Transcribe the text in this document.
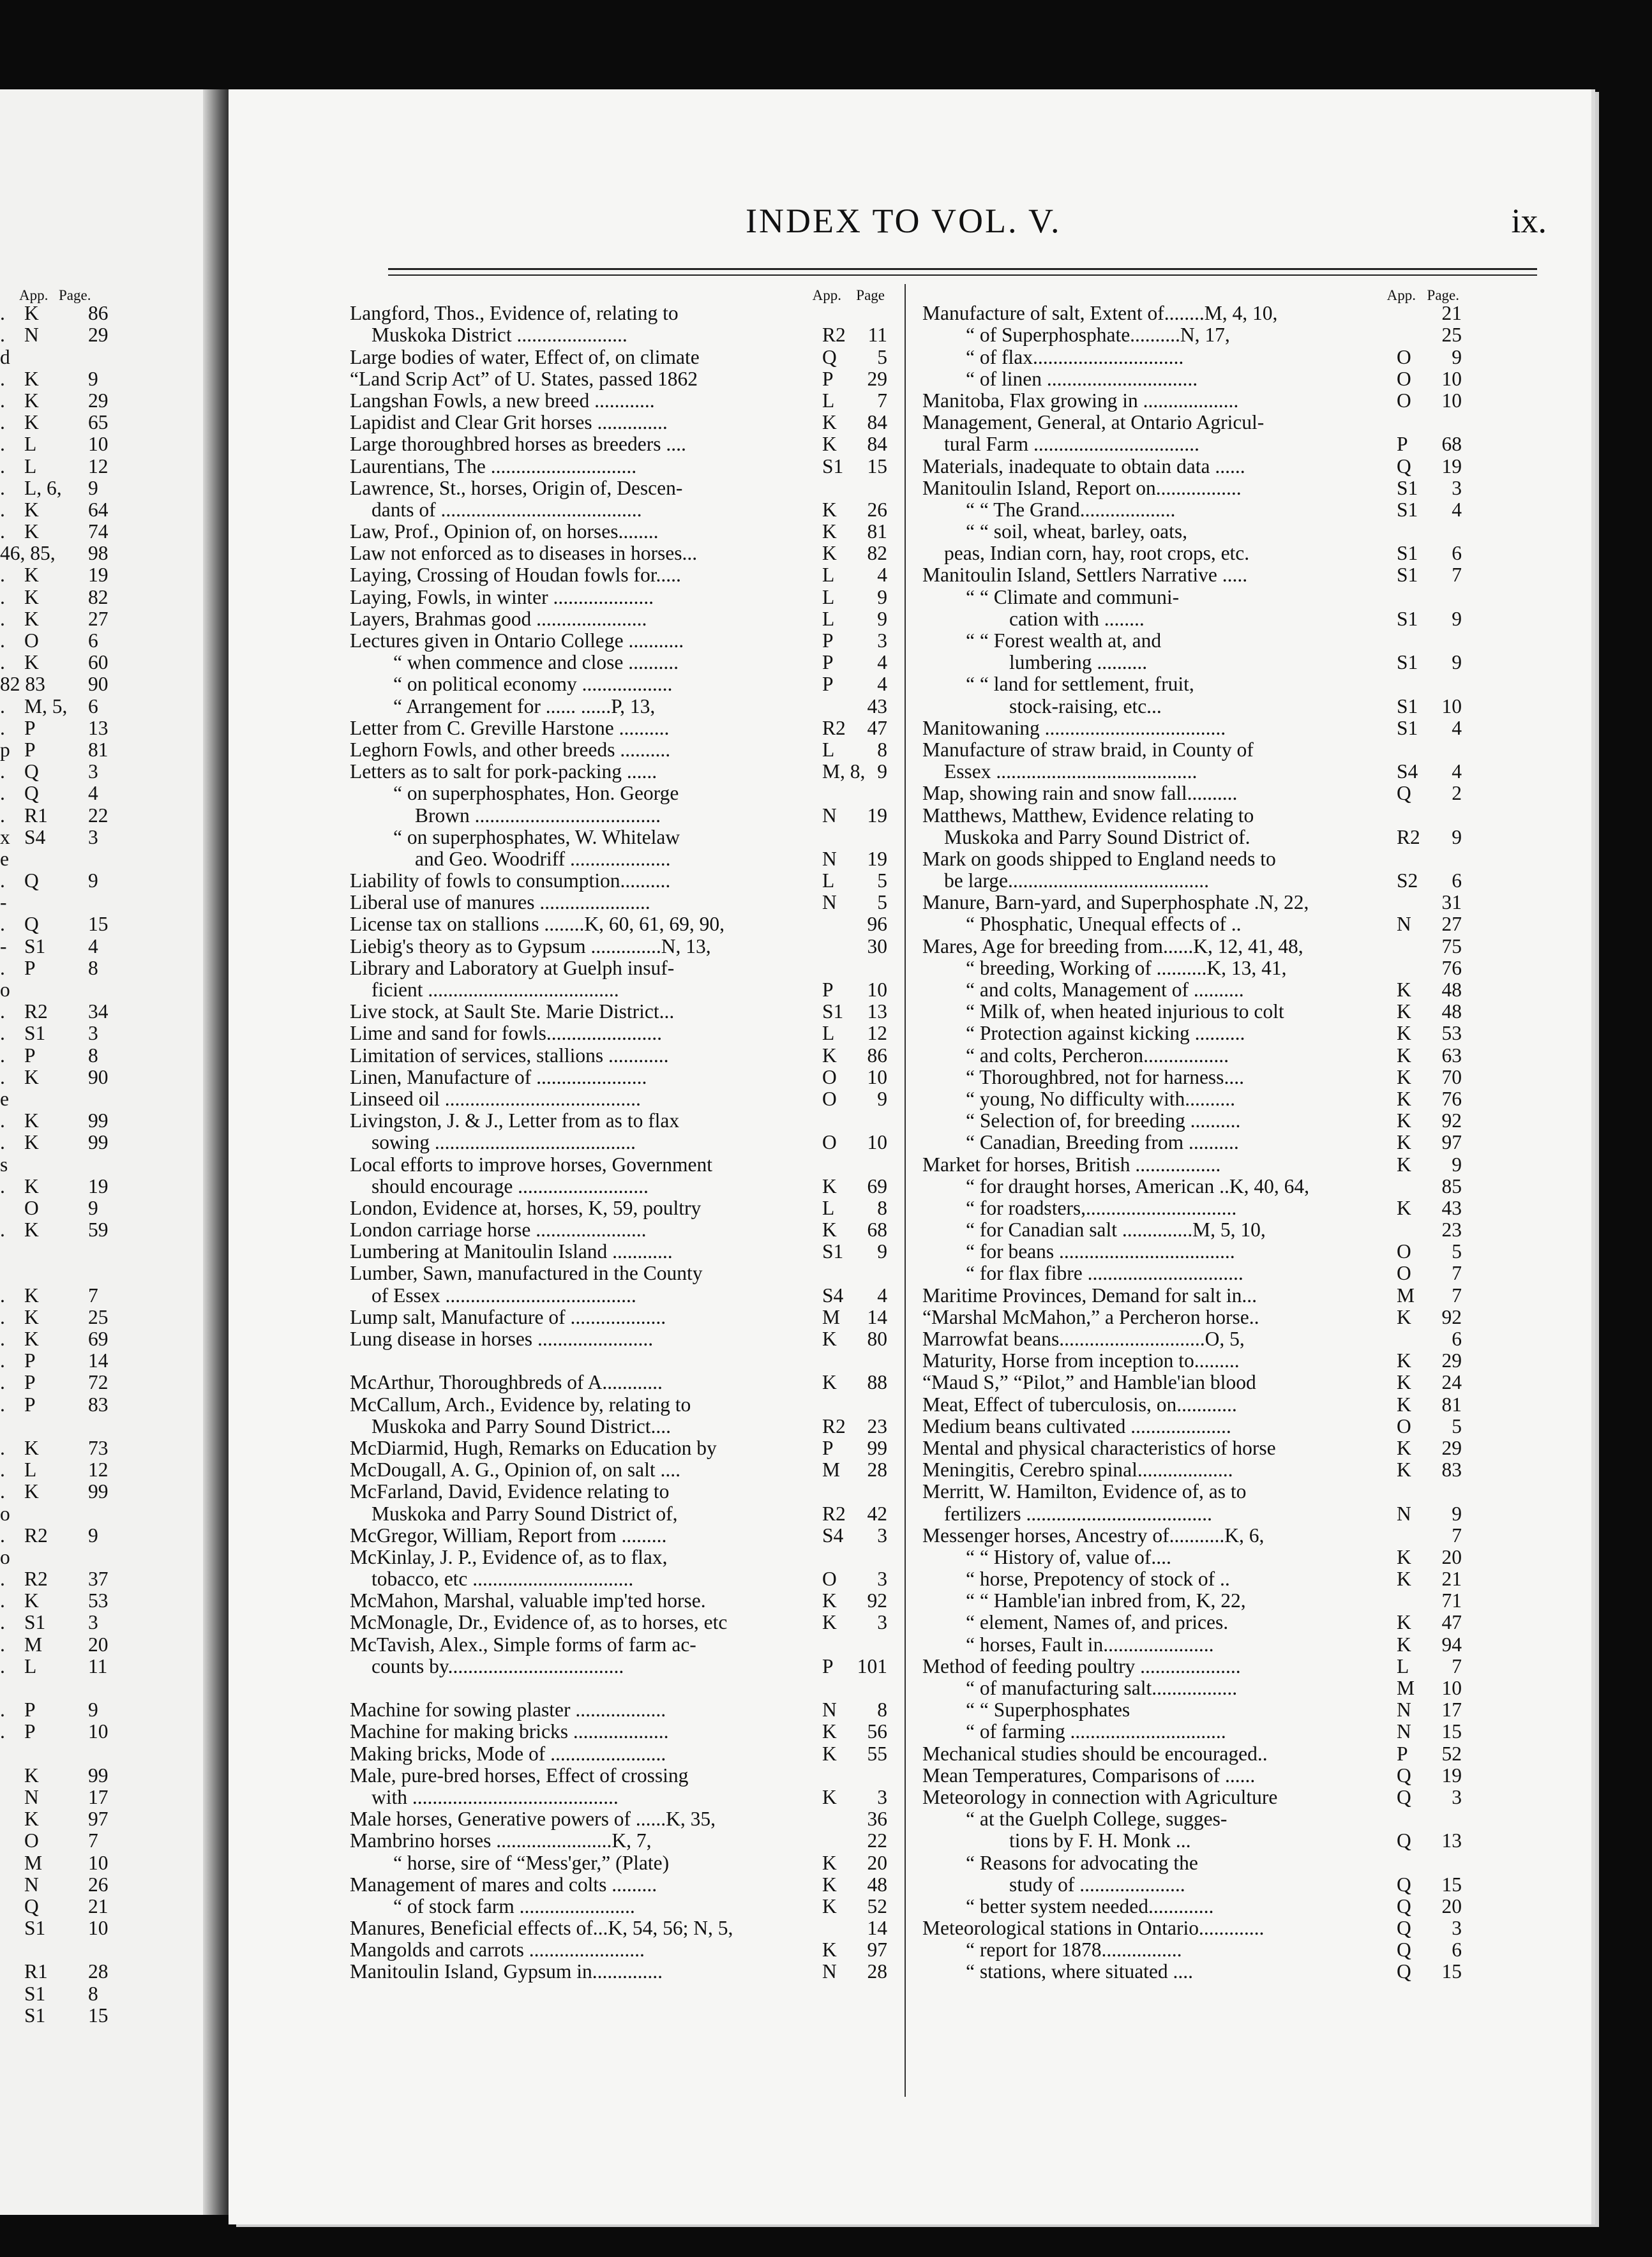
App. Page.
. K 86
. N 29
d
. K 9
. K 29
. K 65
. L	10
. L	12
. L, 6, 9
. K 64
. K 74
46, 85, 98
. K 19
. K 82
. K 27
. O 6
. K 60
82 83 90
. M, 5, 6
. P	13
p P	81
. Q 3
. Q 4
. R1 22
x S4 3
e
. Q 9
-
. Q 15
- S1 4
. P	8
o
. R2 34
. S1 3
. P	8
. K 90
e
. K 99
. K 99
s
. K 19
O 9
. K 59
. K 7
. K 25
. K 69
. P	14
. P	72
. P	83
. K 73
. L	12
. K 99
o
. R2 9
o
. R2 37
. K 53
. S1 3
. M 20
. L	11
. P	9
. P	10
K 99
N 17
K 97
O 7
M 10
N 26
Q 21
S1 10
R1 28
S1 8
S1 15
INDEX TO VOL. V.	ix.
App. Page
Langford, Thos., Evidence of, relating to
Muskoka District ......................	R2 11
Large bodies of water, Effect of, on climate	Q 5
“Land Scrip Act” of U. States, passed 1862	P 29
Langshan Fowls, a new breed ............	L 7
Lapidist and Clear Grit horses ..............	K 84
Large thoroughbred horses as breeders ....	K 84
Laurentians, The .............................	S1 15
Lawrence, St., horses, Origin of, Descen-
dants of ........................................	K 26
Law, Prof., Opinion of, on horses........	K 81
Law not enforced as to diseases in horses...	K 82
Laying, Crossing of Houdan fowls for.....	L 4
Laying, Fowls, in winter ....................	L 9
Layers, Brahmas good ......................	L 9
Lectures given in Ontario College ...........	P 3
“ when commence and close ..........	P 4
“ on political economy ..................	P 4
“ Arrangement for ...... ......P, 13,	43
Letter from C. Greville Harstone ..........	R2 47
Leghorn Fowls, and other breeds ..........	L 8
Letters as to salt for pork-packing ......	M, 8, 9
“ on superphosphates, Hon. George
Brown .....................................	N 19
“ on superphosphates, W. Whitelaw
and Geo. Woodriff ....................	N 19
Liability of fowls to consumption..........	L 5
Liberal use of manures ......................	N 5
License tax on stallions ........K, 60, 61, 69, 90,	96
Liebig's theory as to Gypsum ..............N, 13,	30
Library and Laboratory at Guelph insuf-
ficient ......................................	P 10
Live stock, at Sault Ste. Marie District...	S1 13
Lime and sand for fowls.......................	L 12
Limitation of services, stallions ............	K 86
Linen, Manufacture of ......................	O 10
Linseed oil .......................................	O 9
Livingston, J. & J., Letter from as to flax
sowing ........................................	O 10
Local efforts to improve horses, Government
should encourage ..........................	K 69
London, Evidence at, horses, K, 59, poultry	L 8
London carriage horse ......................	K 68
Lumbering at Manitoulin Island ............	S1 9
Lumber, Sawn, manufactured in the County
of Essex ......................................	S4 4
Lump salt, Manufacture of ...................	M 14
Lung disease in horses .......................	K 80
McArthur, Thoroughbreds of A............	K 88
McCallum, Arch., Evidence by, relating to
Muskoka and Parry Sound District....	R2 23
McDiarmid, Hugh, Remarks on Education by	P 99
McDougall, A. G., Opinion of, on salt ....	M 28
McFarland, David, Evidence relating to
Muskoka and Parry Sound District of,	R2 42
McGregor, William, Report from .........	S4 3
McKinlay, J. P., Evidence of, as to flax,
tobacco, etc ................................	O 3
McMahon, Marshal, valuable imp'ted horse.	K 92
McMonagle, Dr., Evidence of, as to horses, etc	K 3
McTavish, Alex., Simple forms of farm ac-
counts by...................................	P 101
Machine for sowing plaster ..................	N 8
Machine for making bricks ...................	K 56
Making bricks, Mode of .......................	K 55
Male, pure-bred horses, Effect of crossing
with .........................................	K 3
Male horses, Generative powers of ......K, 35,	36
Mambrino horses .......................K, 7,	22
“ horse, sire of “Mess'ger,” (Plate)	K 20
Management of mares and colts .........	K 48
“ of stock farm .......................	K 52
Manures, Beneficial effects of...K, 54, 56; N, 5,	14
Mangolds and carrots .......................	K 97
Manitoulin Island, Gypsum in..............	N 28
App. Page.
Manufacture of salt, Extent of........M, 4, 10,	21
“ of Superphosphate..........N, 17,	25
“ of flax..............................	O 9
“ of linen ..............................	O 10
Manitoba, Flax growing in ...................	O 10
Management, General, at Ontario Agricul-
tural Farm .................................	P 68
Materials, inadequate to obtain data ......	Q 19
Manitoulin Island, Report on.................	S1 3
“ “ The Grand...................	S1 4
“ “ soil, wheat, barley, oats,
peas, Indian corn, hay, root crops, etc.	S1 6
Manitoulin Island, Settlers Narrative .....	S1 7
“ “ Climate and communi-
cation with ........	S1 9
“ “ Forest wealth at, and
lumbering ..........	S1 9
“ “ land for settlement, fruit,
stock-raising, etc...	S1 10
Manitowaning ....................................	S1 4
Manufacture of straw braid, in County of
Essex ........................................	S4 4
Map, showing rain and snow fall..........	Q 2
Matthews, Matthew, Evidence relating to
Muskoka and Parry Sound District of.	R2 9
Mark on goods shipped to England needs to
be large........................................	S2 6
Manure, Barn-yard, and Superphosphate .N, 22,	31
“ Phosphatic, Unequal effects of ..	N 27
Mares, Age for breeding from......K, 12, 41, 48,	75
“ breeding, Working of ..........K, 13, 41,	76
“ and colts, Management of ..........	K 48
“ Milk of, when heated injurious to colt	K 48
“ Protection against kicking ..........	K 53
“ and colts, Percheron.................	K 63
“ Thoroughbred, not for harness....	K 70
“ young, No difficulty with..........	K 76
“ Selection of, for breeding ..........	K 92
“ Canadian, Breeding from ..........	K 97
Market for horses, British .................	K 9
“ for draught horses, American ..K, 40, 64,	85
“ for roadsters,..............................	K 43
“ for Canadian salt ..............M, 5, 10,	23
“ for beans ...................................	O 5
“ for flax fibre ...............................	O 7
Maritime Provinces, Demand for salt in...	M 7
“Marshal McMahon,” a Percheron horse..	K 92
Marrowfat beans.............................O, 5,	6
Maturity, Horse from inception to.........	K 29
“Maud S,” “Pilot,” and Hamble'ian blood	K 24
Meat, Effect of tuberculosis, on............	K 81
Medium beans cultivated ....................	O 5
Mental and physical characteristics of horse	K 29
Meningitis, Cerebro spinal...................	K 83
Merritt, W. Hamilton, Evidence of, as to
fertilizers .....................................	N 9
Messenger horses, Ancestry of...........K, 6,	7
“ “ History of, value of....	K 20
“ horse, Prepotency of stock of ..	K 21
“ “ Hamble'ian inbred from, K, 22,	71
“ element, Names of, and prices.	K 47
“ horses, Fault in......................	K 94
Method of feeding poultry ....................	L 7
“ of manufacturing salt.................	M 10
“ “ Superphosphates	N 17
“ of farming ...............................	N 15
Mechanical studies should be encouraged..	P 52
Mean Temperatures, Comparisons of ......	Q 19
Meteorology in connection with Agriculture	Q 3
“ at the Guelph College, sugges-
tions by F. H. Monk ...	Q 13
“ Reasons for advocating the
study of .....................	Q 15
“ better system needed.............	Q 20
Meteorological stations in Ontario.............	Q 3
“ report for 1878................	Q 6
“ stations, where situated ....	Q 15
